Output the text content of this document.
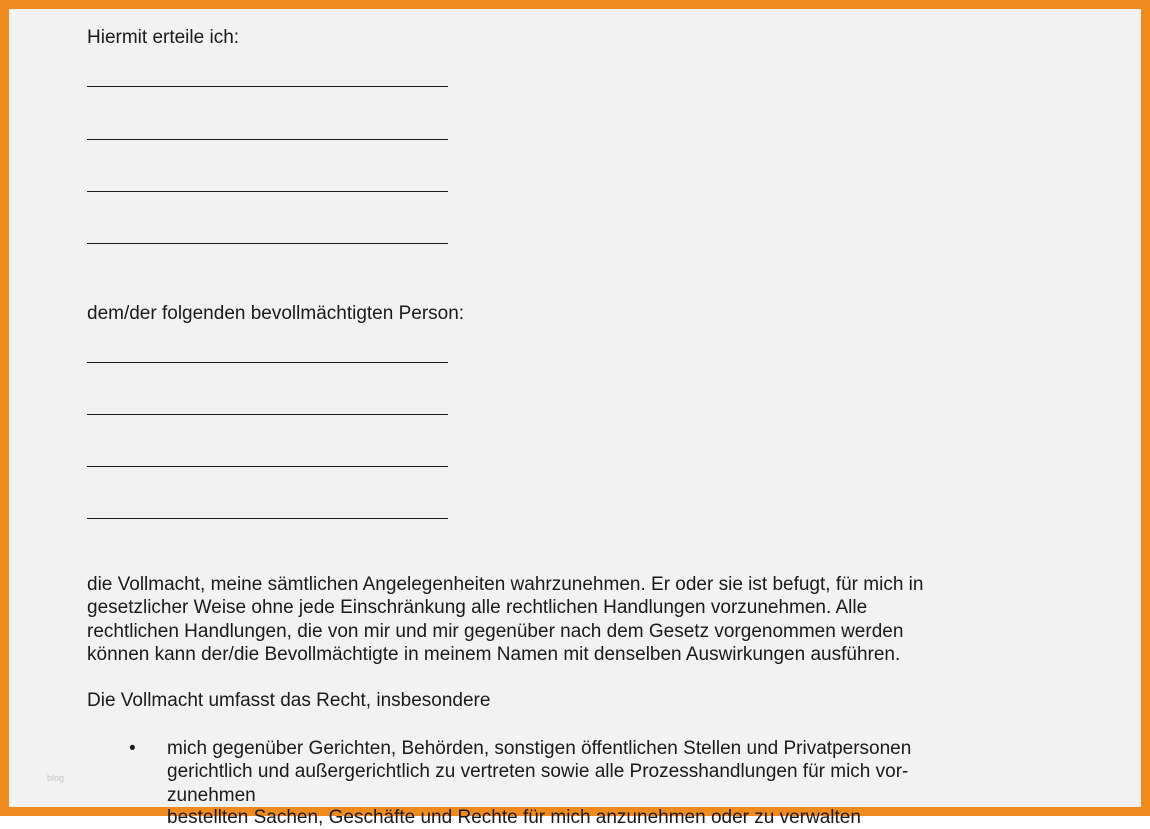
blog
Hiermit erteile ich:
dem/der folgenden bevollmächtigten Person:
die Vollmacht, meine sämtlichen Angelegenheiten wahrzunehmen. Er oder sie ist befugt, für mich in
gesetzlicher Weise ohne jede Einschränkung alle rechtlichen Handlungen vorzunehmen. Alle
rechtlichen Handlungen, die von mir und mir gegenüber nach dem Gesetz vorgenommen werden
können kann der/die Bevollmächtigte in meinem Namen mit denselben Auswirkungen ausführen.
Die Vollmacht umfasst das Recht, insbesondere
• mich gegenüber Gerichten, Behörden, sonstigen öffentlichen Stellen und Privatpersonen
gerichtlich und außergerichtlich zu vertreten sowie alle Prozesshandlungen für mich vor-
zunehmen
bestellten Sachen, Geschäfte und Rechte für mich anzunehmen oder zu verwalten
